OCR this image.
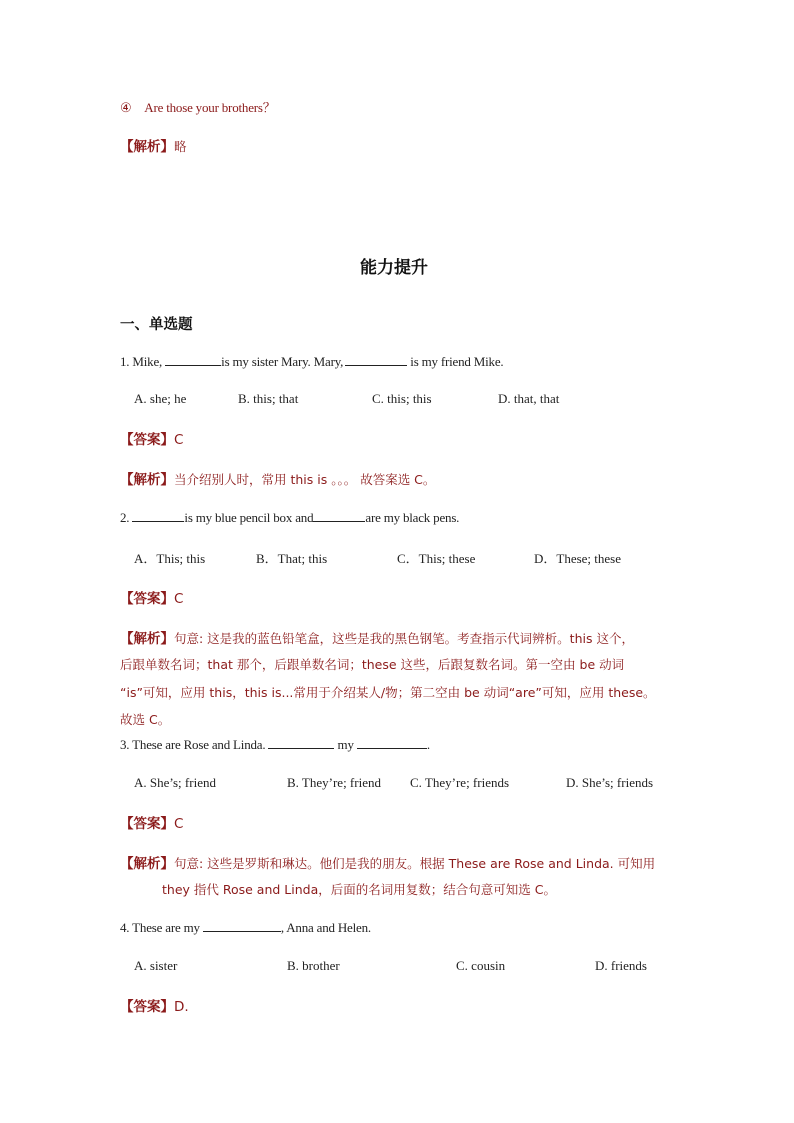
④　Are those your brothers？
【解析】略
能力提升
一、单选题
1. Mike,	is my sister Mary. Mary,	is my friend Mike.
A. she; he	B. this; that	C. this; this	D. that, that
【答案】C
【解析】当介绍别人时，常用 this is 。。。 故答案选 C。
2.	is my blue pencil box and	are my black pens.
A．This; this	B．That; this	C．This; these	D．These; these
【答案】C
【解析】句意: 这是我的蓝色铅笔盒，这些是我的黑色钢笔。考查指示代词辨析。this 这个，
后跟单数名词；that 那个，后跟单数名词；these 这些，后跟复数名词。第一空由 be 动词
“is”可知，应用 this，this is...常用于介绍某人/物；第二空由 be 动词“are”可知，应用 these。
故选 C。
3. These are Rose and Linda.	my	.
A. She’s; friend	B. They’re; friend C. They’re; friends	D. She’s; friends
【答案】C
【解析】句意: 这些是罗斯和琳达。他们是我的朋友。根据 These are Rose and Linda. 可知用
they 指代 Rose and Linda，后面的名词用复数；结合句意可知选 C。
4. These are my	, Anna and Helen.
A. sister	B. brother	C. cousin	D. friends
【答案】D.
